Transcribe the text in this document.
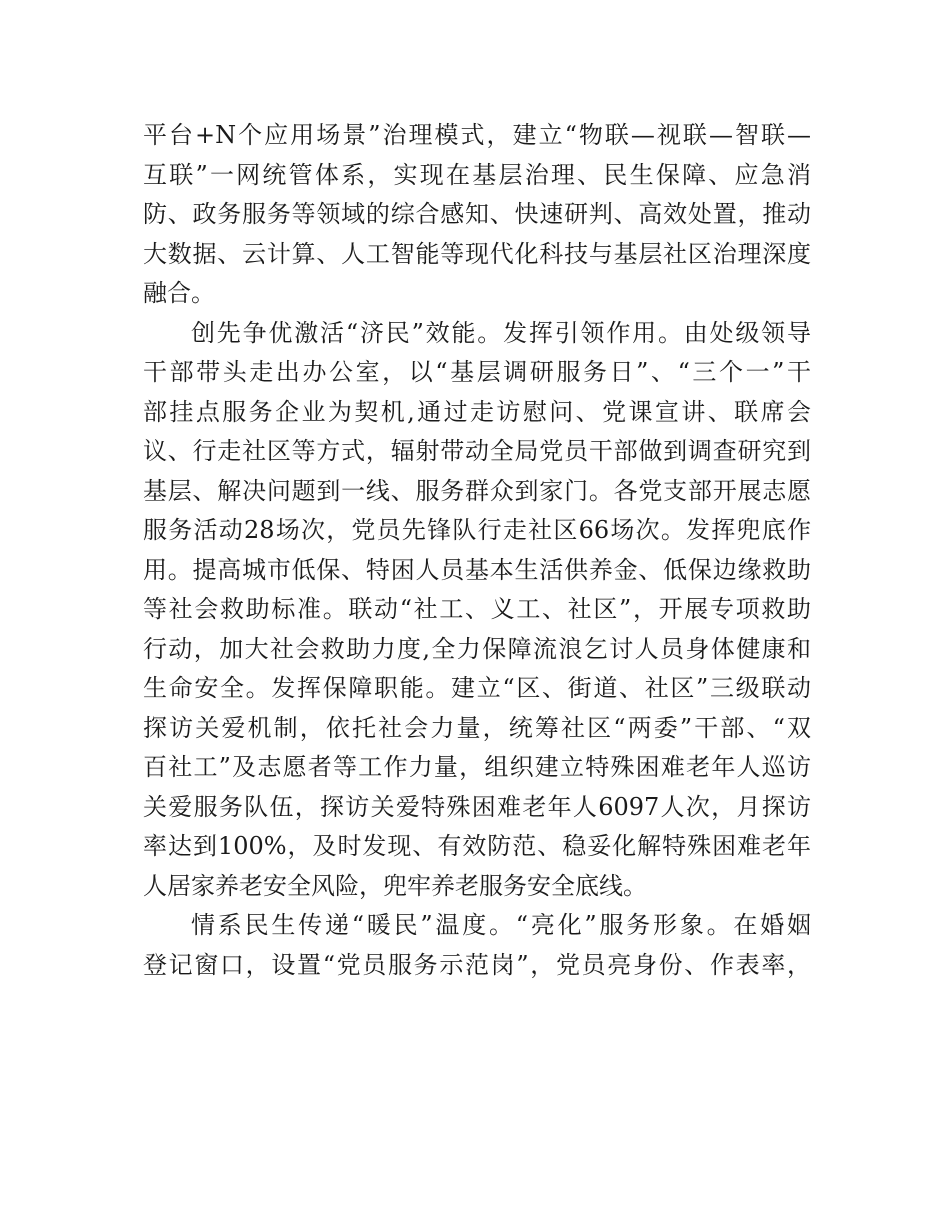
平台+N个应用场景”治理模式，建立“物联—视联—智联—
互联”一网统管体系，实现在基层治理、民生保障、应急消
防、政务服务等领域的综合感知、快速研判、高效处置，推动
大数据、云计算、人工智能等现代化科技与基层社区治理深度
融合。
创先争优激活“济民”效能。发挥引领作用。由处级领导
干部带头走出办公室，以“基层调研服务日”、“三个一”干
部挂点服务企业为契机,通过走访慰问、党课宣讲、联席会
议、行走社区等方式，辐射带动全局党员干部做到调查研究到
基层、解决问题到一线、服务群众到家门。各党支部开展志愿
服务活动28场次，党员先锋队行走社区66场次。发挥兜底作
用。提高城市低保、特困人员基本生活供养金、低保边缘救助
等社会救助标准。联动“社工、义工、社区”，开展专项救助
行动，加大社会救助力度,全力保障流浪乞讨人员身体健康和
生命安全。发挥保障职能。建立“区、街道、社区”三级联动
探访关爱机制，依托社会力量，统筹社区“两委”干部、“双
百社工”及志愿者等工作力量，组织建立特殊困难老年人巡访
关爱服务队伍，探访关爱特殊困难老年人6097人次，月探访
率达到100%，及时发现、有效防范、稳妥化解特殊困难老年
人居家养老安全风险，兜牢养老服务安全底线。
情系民生传递“暖民”温度。“亮化”服务形象。在婚姻
登记窗口，设置“党员服务示范岗”，党员亮身份、作表率，
